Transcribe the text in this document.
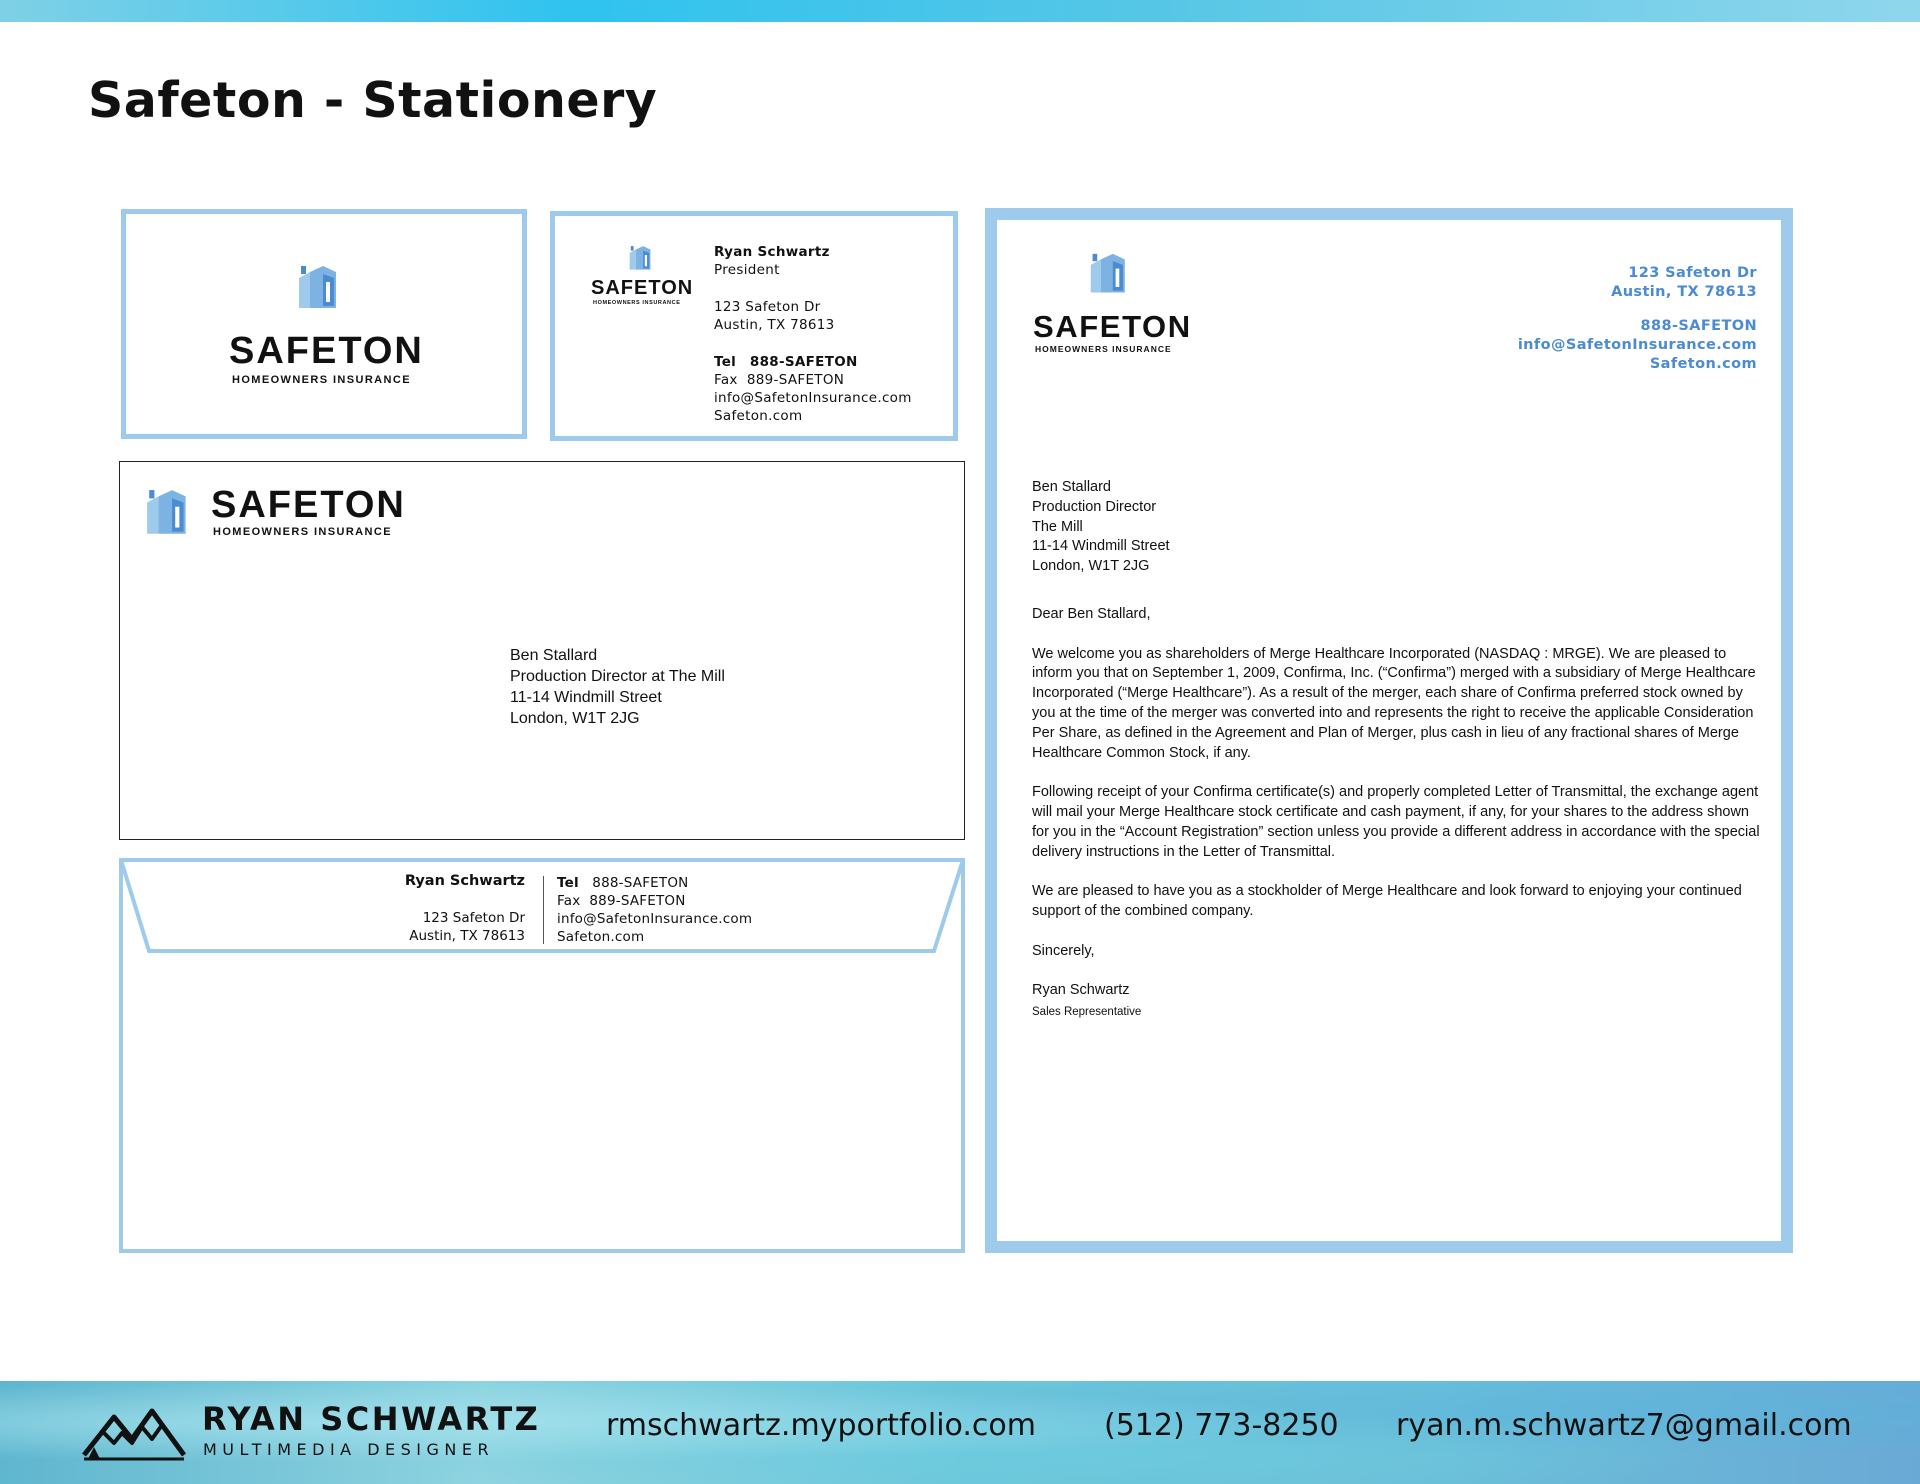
Safeton - Stationery
SAFETON
HOMEOWNERS INSURANCE
SAFETON
HOMEOWNERS INSURANCE
Ryan Schwartz
President
123 Safeton Dr
Austin, TX 78613
Tel 888-SAFETON
Fax 889-SAFETON
info@SafetonInsurance.com
Safeton.com
SAFETON
HOMEOWNERS INSURANCE
Ben Stallard
Production Director at The Mill
11-14 Windmill Street
London, W1T 2JG
Ryan Schwartz
123 Safeton Dr
Austin, TX 78613
Tel 888-SAFETON
Fax 889-SAFETON
info@SafetonInsurance.com
Safeton.com
SAFETON
HOMEOWNERS INSURANCE
123 Safeton Dr
Austin, TX 78613
888-SAFETON
info@SafetonInsurance.com
Safeton.com
Ben Stallard
Production Director
The Mill
11-14 Windmill Street
London, W1T 2JG

Dear Ben Stallard,

We welcome you as shareholders of Merge Healthcare Incorporated (NASDAQ : MRGE). We are pleased to inform you that on September 1, 2009, Confirma, Inc. (“Confirma”) merged with a subsidiary of Merge Healthcare Incorporated (“Merge Healthcare”). As a result of the merger, each share of Confirma preferred stock owned by you at the time of the merger was converted into and represents the right to receive the applicable Consideration Per Share, as defined in the Agreement and Plan of Merger, plus cash in lieu of any fractional shares of Merge Healthcare Common Stock, if any.

Following receipt of your Confirma certificate(s) and properly completed Letter of Transmittal, the exchange agent will mail your Merge Healthcare stock certificate and cash payment, if any, for your shares to the address shown for you in the “Account Registration” section unless you provide a different address in accordance with the special delivery instructions in the Letter of Transmittal.

We are pleased to have you as a stockholder of Merge Healthcare and look forward to enjoying your continued support of the combined company.

Sincerely,

Ryan Schwartz

Sales Representative

RYAN SCHWARTZ
MULTIMEDIA DESIGNER
rmschwartz.myportfolio.com (512) 773-8250 ryan.m.schwartz7@gmail.com
